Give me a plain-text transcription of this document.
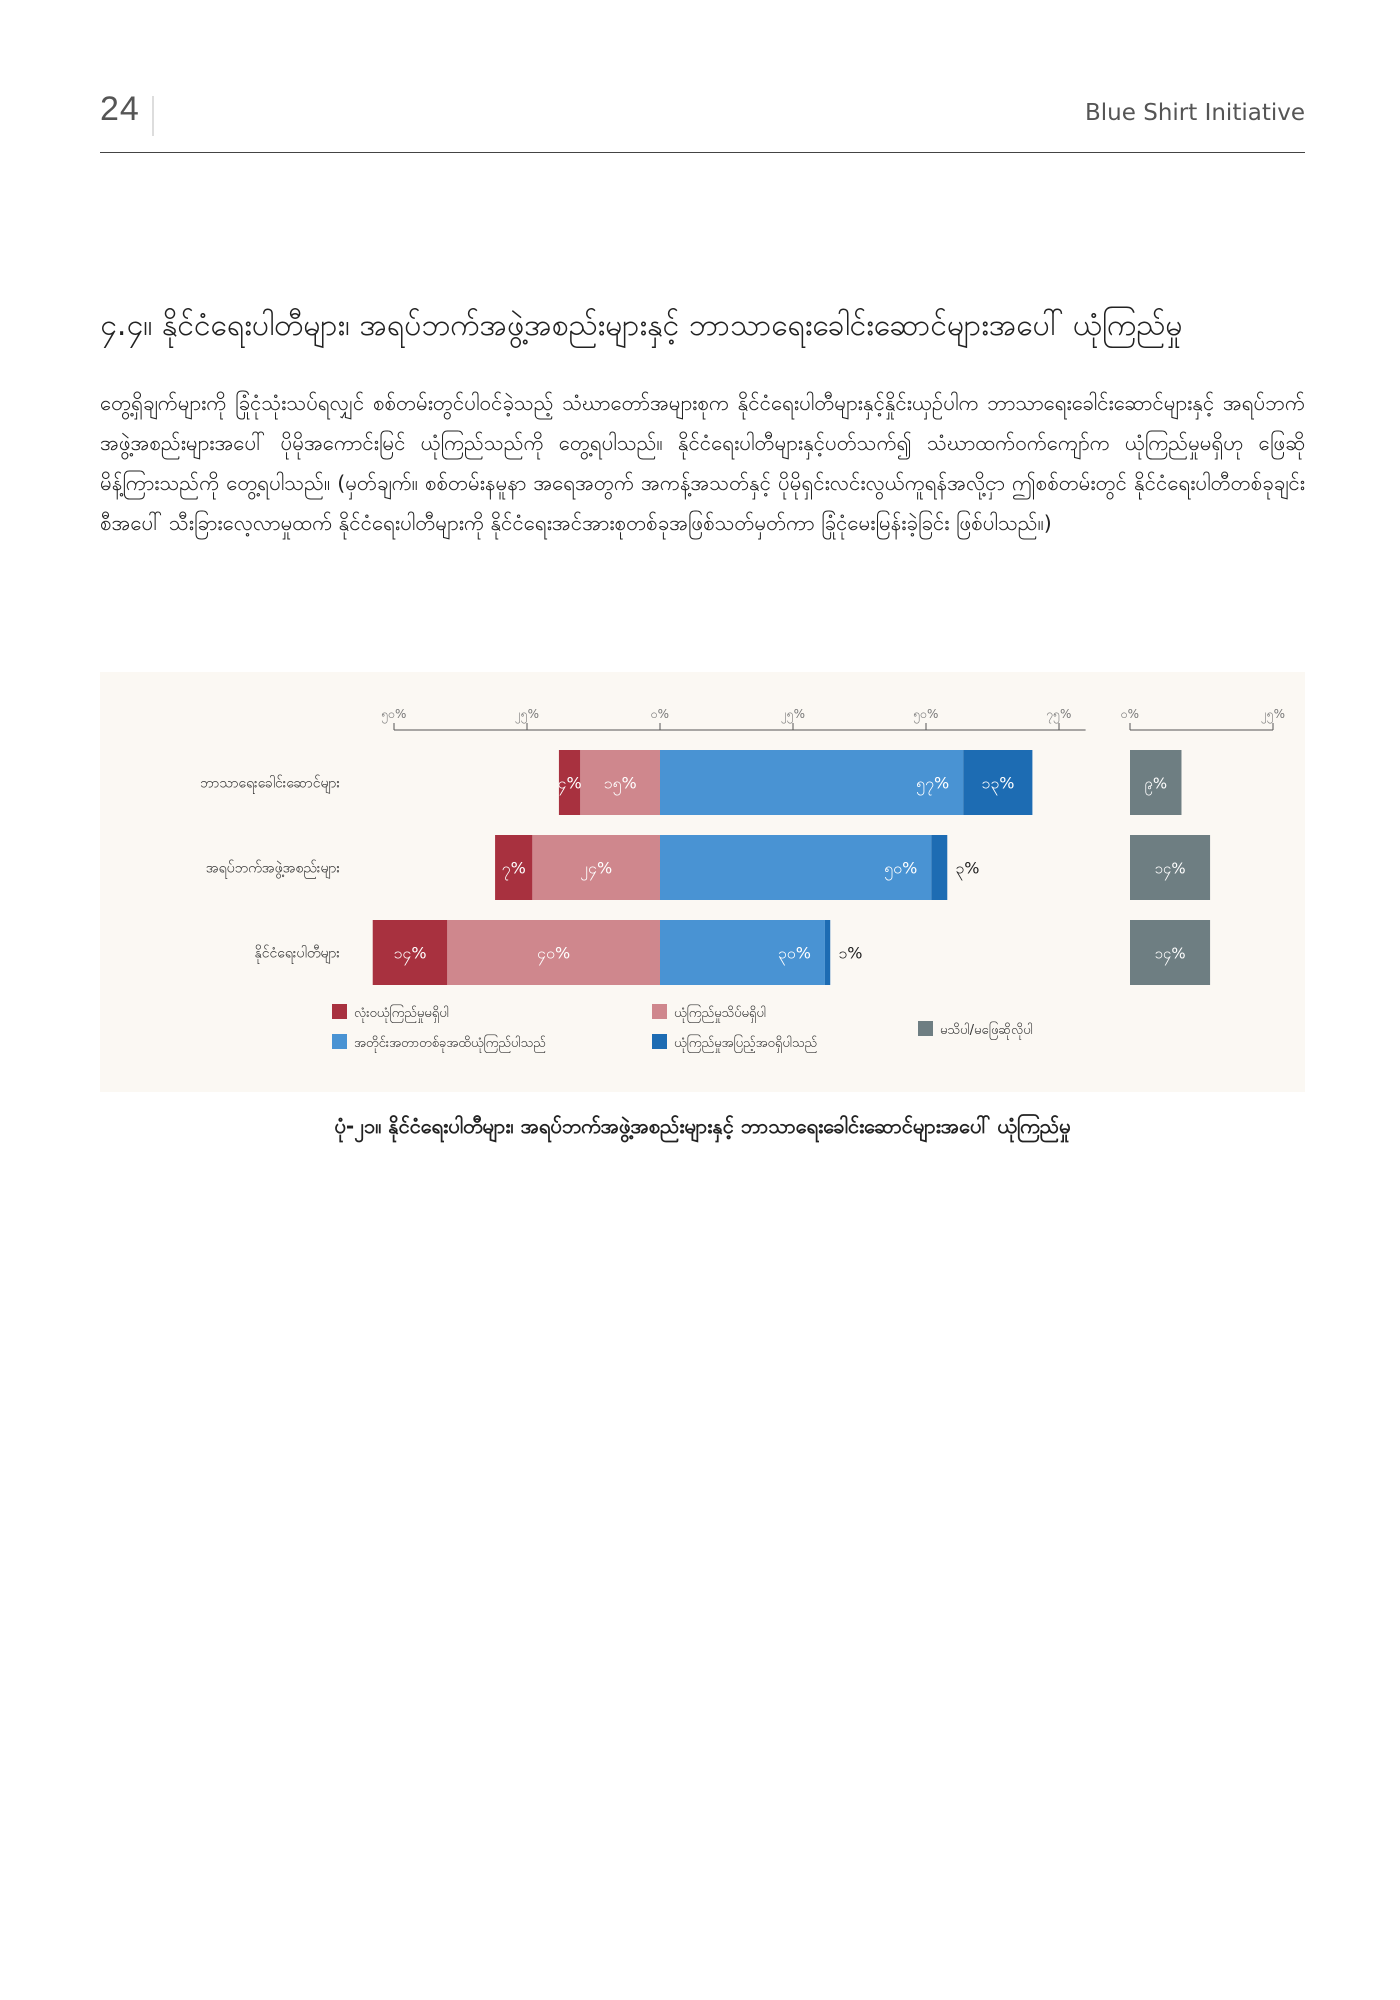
24	Blue Shirt Initiative
၄.၄။ နိုင်ငံရေးပါတီများ၊ အရပ်ဘက်အဖွဲ့အစည်းများနှင့် ဘာသာရေးခေါင်းဆောင်များအပေါ် ယုံကြည်မှု
တွေ့ရှိချက်များကို ခြုံငုံသုံးသပ်ရလျှင် စစ်တမ်းတွင်ပါဝင်ခဲ့သည့် သံဃာတော်အများစုက နိုင်ငံရေးပါတီများနှင့်နှိုင်းယှဉ်ပါက ဘာသာရေးခေါင်းဆောင်များနှင့် အရပ်ဘက်အဖွဲ့အစည်းများအပေါ် ပိုမိုအကောင်းမြင် ယုံကြည်သည်ကို တွေ့ရပါသည်။ နိုင်ငံရေးပါတီများနှင့်ပတ်သက်၍ သံဃာထက်ဝက်ကျော်က ယုံကြည်မှုမရှိဟု ဖြေဆိုမိန့်ကြားသည်ကို တွေ့ရပါသည်။ (မှတ်ချက်။ စစ်တမ်းနမူနာ အရေအတွက် အကန့်အသတ်နှင့် ပိုမိုရှင်းလင်းလွယ်ကူရန်အလို့ငှာ ဤစစ်တမ်းတွင် နိုင်ငံရေးပါတီတစ်ခုချင်းစီအပေါ် သီးခြားလေ့လာမှုထက် နိုင်ငံရေးပါတီများကို နိုင်ငံရေးအင်အားစုတစ်ခုအဖြစ်သတ်မှတ်ကာ ခြုံငုံမေးမြန်းခဲ့ခြင်း ဖြစ်ပါသည်။)
၅၀%	၂၅%	၀%	၂၅%	၅၀%	၇၅%	၀%	၂၅%
ဘာသာရေးခေါင်းဆောင်များ	၄% ၁၅%	၅၇% ၁၃%	၉%
အရပ်ဘက်အဖွဲ့အစည်းများ	၇%	၂၄%	၅၀% ၃%	၁၄%
နိုင်ငံရေးပါတီများ	၁၄%	၄၀%	၃၀% ၁%	၁၄%
လုံးဝယုံကြည်မှုမရှိပါ
အတိုင်းအတာတစ်ခုအထိယုံကြည်ပါသည်
ယုံကြည်မှုသိပ်မရှိပါ
ယုံကြည်မှုအပြည့်အဝရှိပါသည်
မသိပါ/မဖြေဆိုလိုပါ
ပုံ-၂၁။ နိုင်ငံရေးပါတီများ၊ အရပ်ဘက်အဖွဲ့အစည်းများနှင့် ဘာသာရေးခေါင်းဆောင်များအပေါ် ယုံကြည်မှု
